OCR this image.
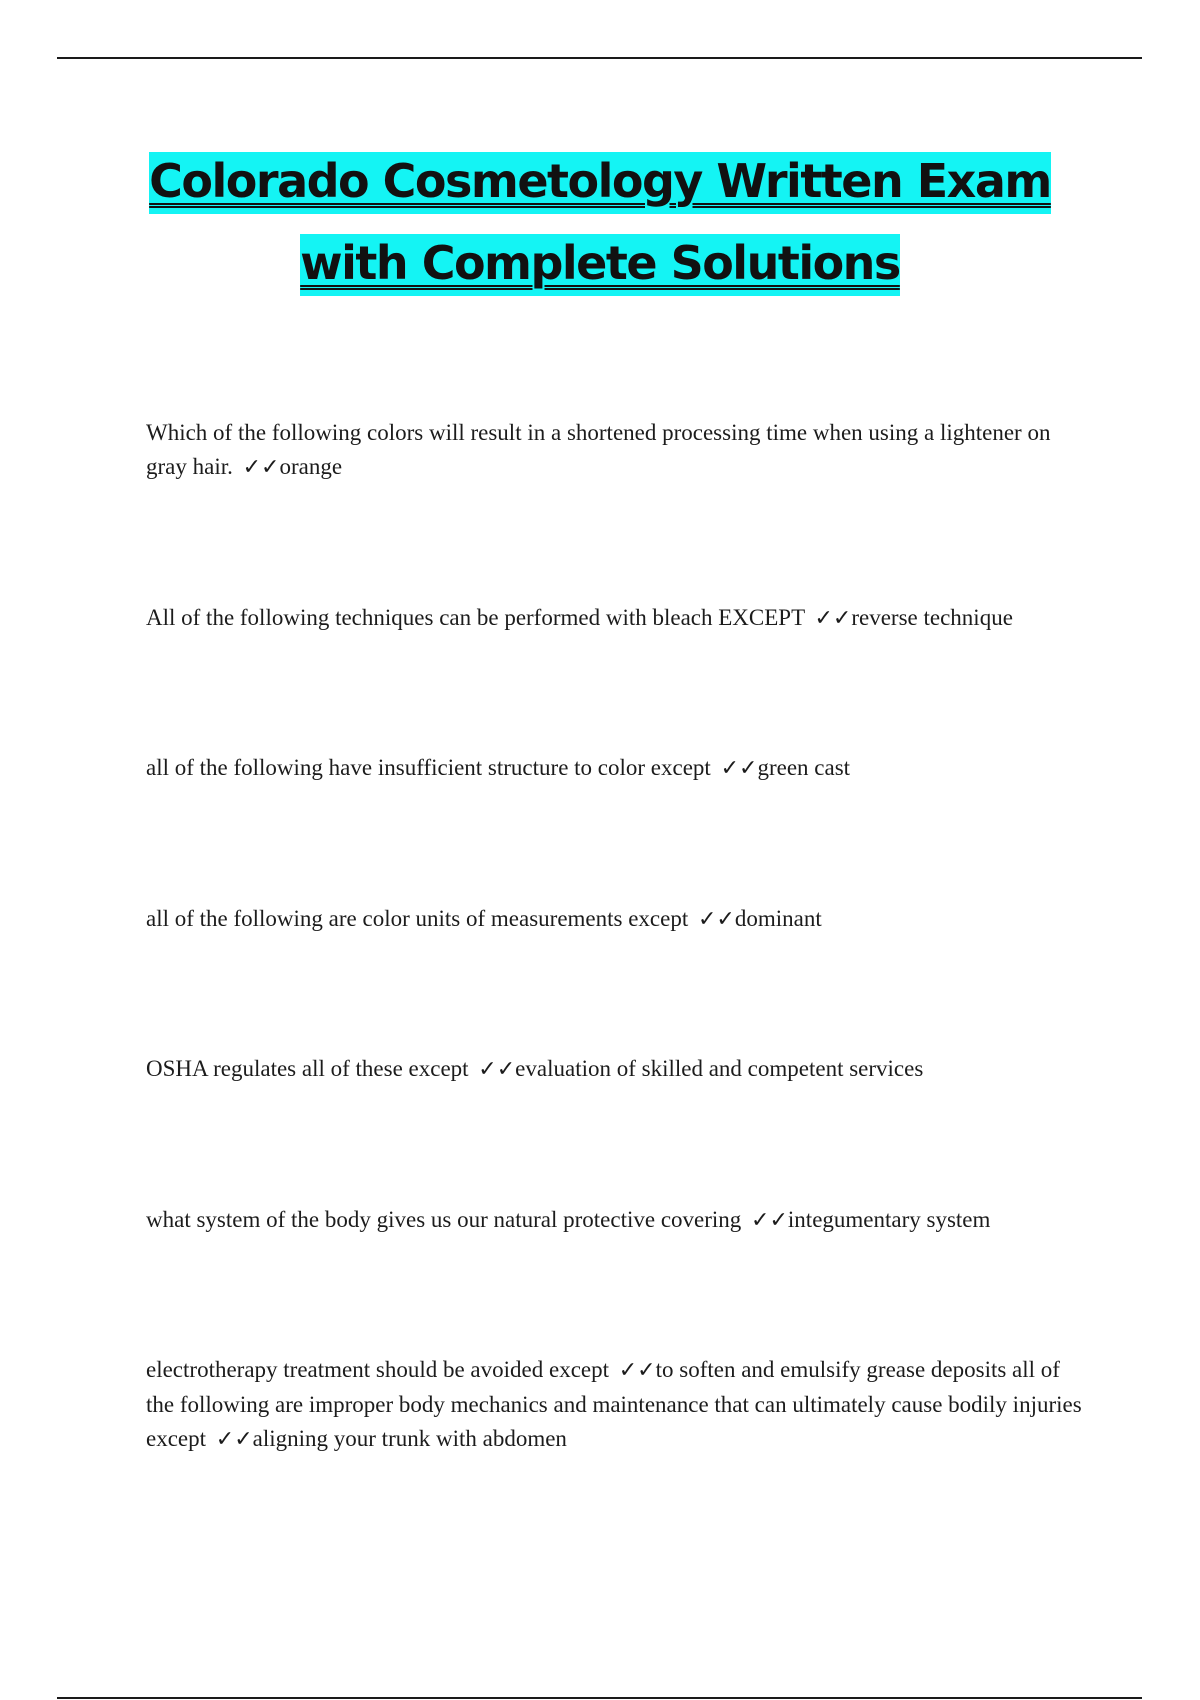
Colorado Cosmetology Written Exam
with Complete Solutions
Which of the following colors will result in a shortened processing time when using a lightener on gray hair. ✓✓orange
All of the following techniques can be performed with bleach EXCEPT ✓✓reverse technique
all of the following have insufficient structure to color except ✓✓green cast
all of the following are color units of measurements except ✓✓dominant
OSHA regulates all of these except ✓✓evaluation of skilled and competent services
what system of the body gives us our natural protective covering ✓✓integumentary system
electrotherapy treatment should be avoided except ✓✓to soften and emulsify grease deposits all of the following are improper body mechanics and maintenance that can ultimately cause bodily injuries except ✓✓aligning your trunk with abdomen
